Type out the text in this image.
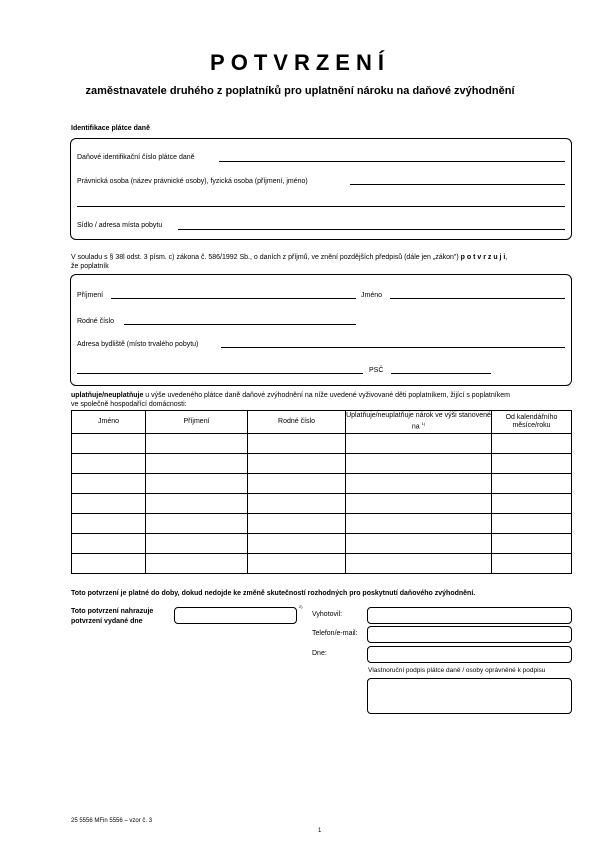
POTVRZENÍ
zaměstnavatele druhého z poplatníků pro uplatnění nároku na daňové zvýhodnění
Identifikace plátce daně
Daňové identifikační číslo plátce daně
Právnická osoba (název právnické osoby), fyzická osoba (příjmení, jméno)
Sídlo / adresa místa pobytu
V souladu s § 38l odst. 3 písm. c) zákona č. 586/1992 Sb., o daních z příjmů, ve znění pozdějších předpisů (dále jen „zákon") p o t v r z u j i,
že poplatník
Příjmení	Jméno
Rodné číslo
Adresa bydliště (místo trvalého pobytu)
PSČ
uplatňuje/neuplatňuje u výše uvedeného plátce daně daňové zvýhodnění na níže uvedené vyživované děti poplatníkem, žijící s poplatníkem
ve společně hospodařící domácnosti:
Jméno	Příjmení	Rodné číslo	Uplatňuje/neuplatňuje nárok ve výši stanovené na $^{1)}$	Od kalendářního měsíce/roku

Toto potvrzení je platné do doby, dokud nedojde ke změně skutečností rozhodných pro poskytnutí daňového zvýhodnění.
Toto potvrzení nahrazuje
potvrzení vydané dne
2)
Vyhotovil:
Telefon/e-mail:
Dne:
Vlastnoruční podpis plátce daně / osoby oprávněné k podpisu
25 5556 MFin 5556 – vzor č. 3
1
